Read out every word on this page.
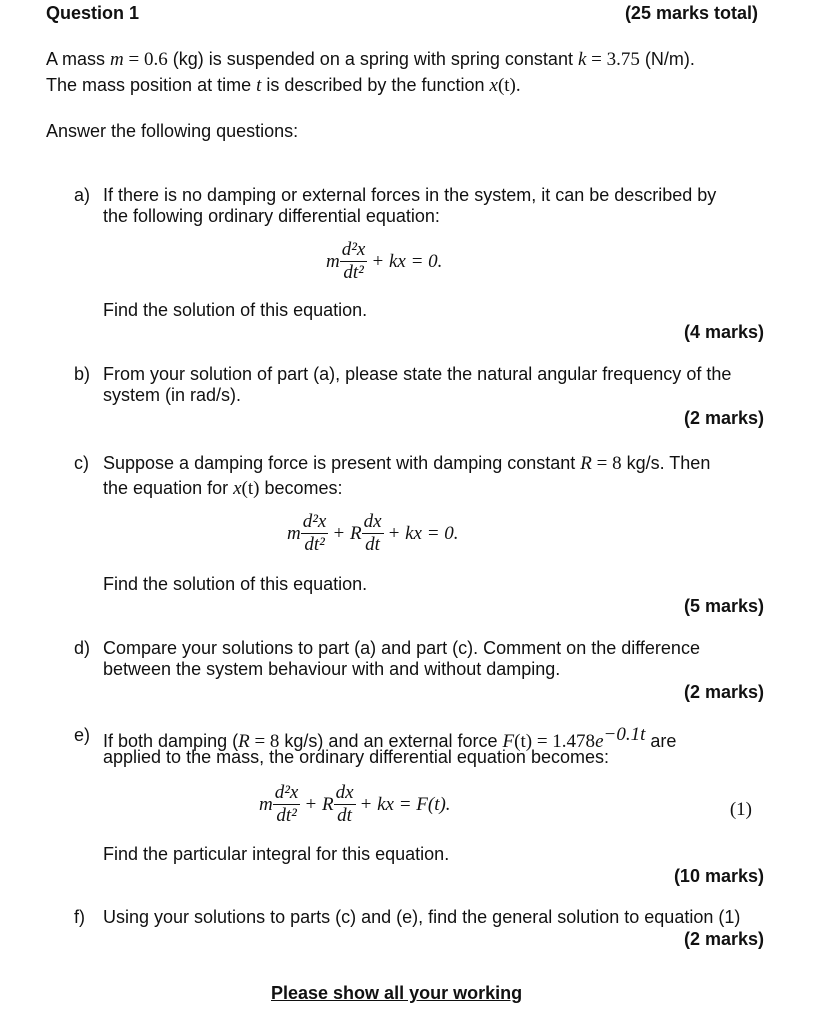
Question 1	(25 marks total)
A mass m = 0.6 (kg) is suspended on a spring with spring constant k = 3.75 (N/m).
The mass position at time t is described by the function x(t).
Answer the following questions:
a) If there is no damping or external forces in the system, it can be described by
the following ordinary differential equation:
m $\frac{\text{d²x}}{\text{dt²}}$ + kx = 0.
Find the solution of this equation.
(4 marks)
b) From your solution of part (a), please state the natural angular frequency of the
system (in rad/s).
(2 marks)
c) Suppose a damping force is present with damping constant R = 8 kg/s. Then
the equation for x(t) becomes:
m $\frac{\text{d²x}}{\text{dt²}} + R \frac{dx}{dt}$ + kx = 0.
Find the solution of this equation.
(5 marks)
d) Compare your solutions to part (a) and part (c). Comment on the difference
between the system behaviour with and without damping.
(2 marks)
e) If both damping (R = 8 kg/s) and an external force $F(t) = 1.478e^{-0.1t}$ are
applied to the mass, the ordinary differential equation becomes:
m $\frac{\text{d²x}}{\text{dt²}} + R \frac{dx}{dt}$ + kx = F(t).	(1)
Find the particular integral for this equation.
(10 marks)
f) Using your solutions to parts (c) and (e), find the general solution to equation (1)
(2 marks)
Please show all your working
